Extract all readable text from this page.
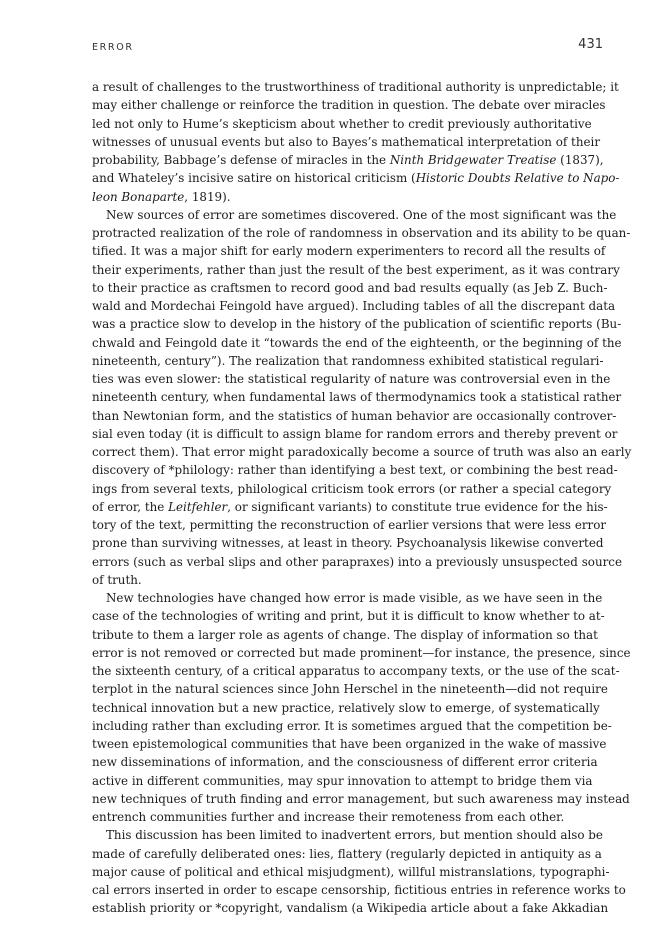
ERROR	431
a result of challenges to the trustworthiness of traditional authority is unpredictable; it
may either challenge or reinforce the tradition in question. The debate over miracles
led not only to Hume’s skepticism about whether to credit previously authoritative
witnesses of unusual events but also to Bayes’s mathematical interpretation of their
probability, Babbage’s defense of miracles in the Ninth Bridgewater Treatise (1837),
and Whateley’s incisive satire on historical criticism (Historic Doubts Relative to Napo-
leon Bonaparte, 1819).
New sources of error are sometimes discovered. One of the most significant was the
protracted realization of the role of randomness in observation and its ability to be quan-
tified. It was a major shift for early modern experimenters to record all the results of
their experiments, rather than just the result of the best experiment, as it was contrary
to their practice as craftsmen to record good and bad results equally (as Jeb Z. Buch-
wald and Mordechai Feingold have argued). Including tables of all the discrepant data
was a practice slow to develop in the history of the publication of scientific reports (Bu-
chwald and Feingold date it “towards the end of the eighteenth, or the beginning of the
nineteenth, century”). The realization that randomness exhibited statistical regulari-
ties was even slower: the statistical regularity of nature was controversial even in the
nineteenth century, when fundamental laws of thermodynamics took a statistical rather
than Newtonian form, and the statistics of human behavior are occasionally controver-
sial even today (it is difficult to assign blame for random errors and thereby prevent or
correct them). That error might paradoxically become a source of truth was also an early
discovery of *philology: rather than identifying a best text, or combining the best read-
ings from several texts, philological criticism took errors (or rather a special category
of error, the Leitfehler, or significant variants) to constitute true evidence for the his-
tory of the text, permitting the reconstruction of earlier versions that were less error
prone than surviving witnesses, at least in theory. Psychoanalysis likewise converted
errors (such as verbal slips and other parapraxes) into a previously unsuspected source
of truth.
New technologies have changed how error is made visible, as we have seen in the
case of the technologies of writing and print, but it is difficult to know whether to at-
tribute to them a larger role as agents of change. The display of information so that
error is not removed or corrected but made prominent—for instance, the presence, since
the sixteenth century, of a critical apparatus to accompany texts, or the use of the scat-
terplot in the natural sciences since John Herschel in the nineteenth—did not require
technical innovation but a new practice, relatively slow to emerge, of systematically
including rather than excluding error. It is sometimes argued that the competition be-
tween epistemological communities that have been organized in the wake of massive
new disseminations of information, and the consciousness of different error criteria
active in different communities, may spur innovation to attempt to bridge them via
new techniques of truth finding and error management, but such awareness may instead
entrench communities further and increase their remoteness from each other.
This discussion has been limited to inadvertent errors, but mention should also be
made of carefully deliberated ones: lies, flattery (regularly depicted in antiquity as a
major cause of political and ethical misjudgment), willful mistranslations, typographi-
cal errors inserted in order to escape censorship, fictitious entries in reference works to
establish priority or *copyright, vandalism (a Wikipedia article about a fake Akkadian
